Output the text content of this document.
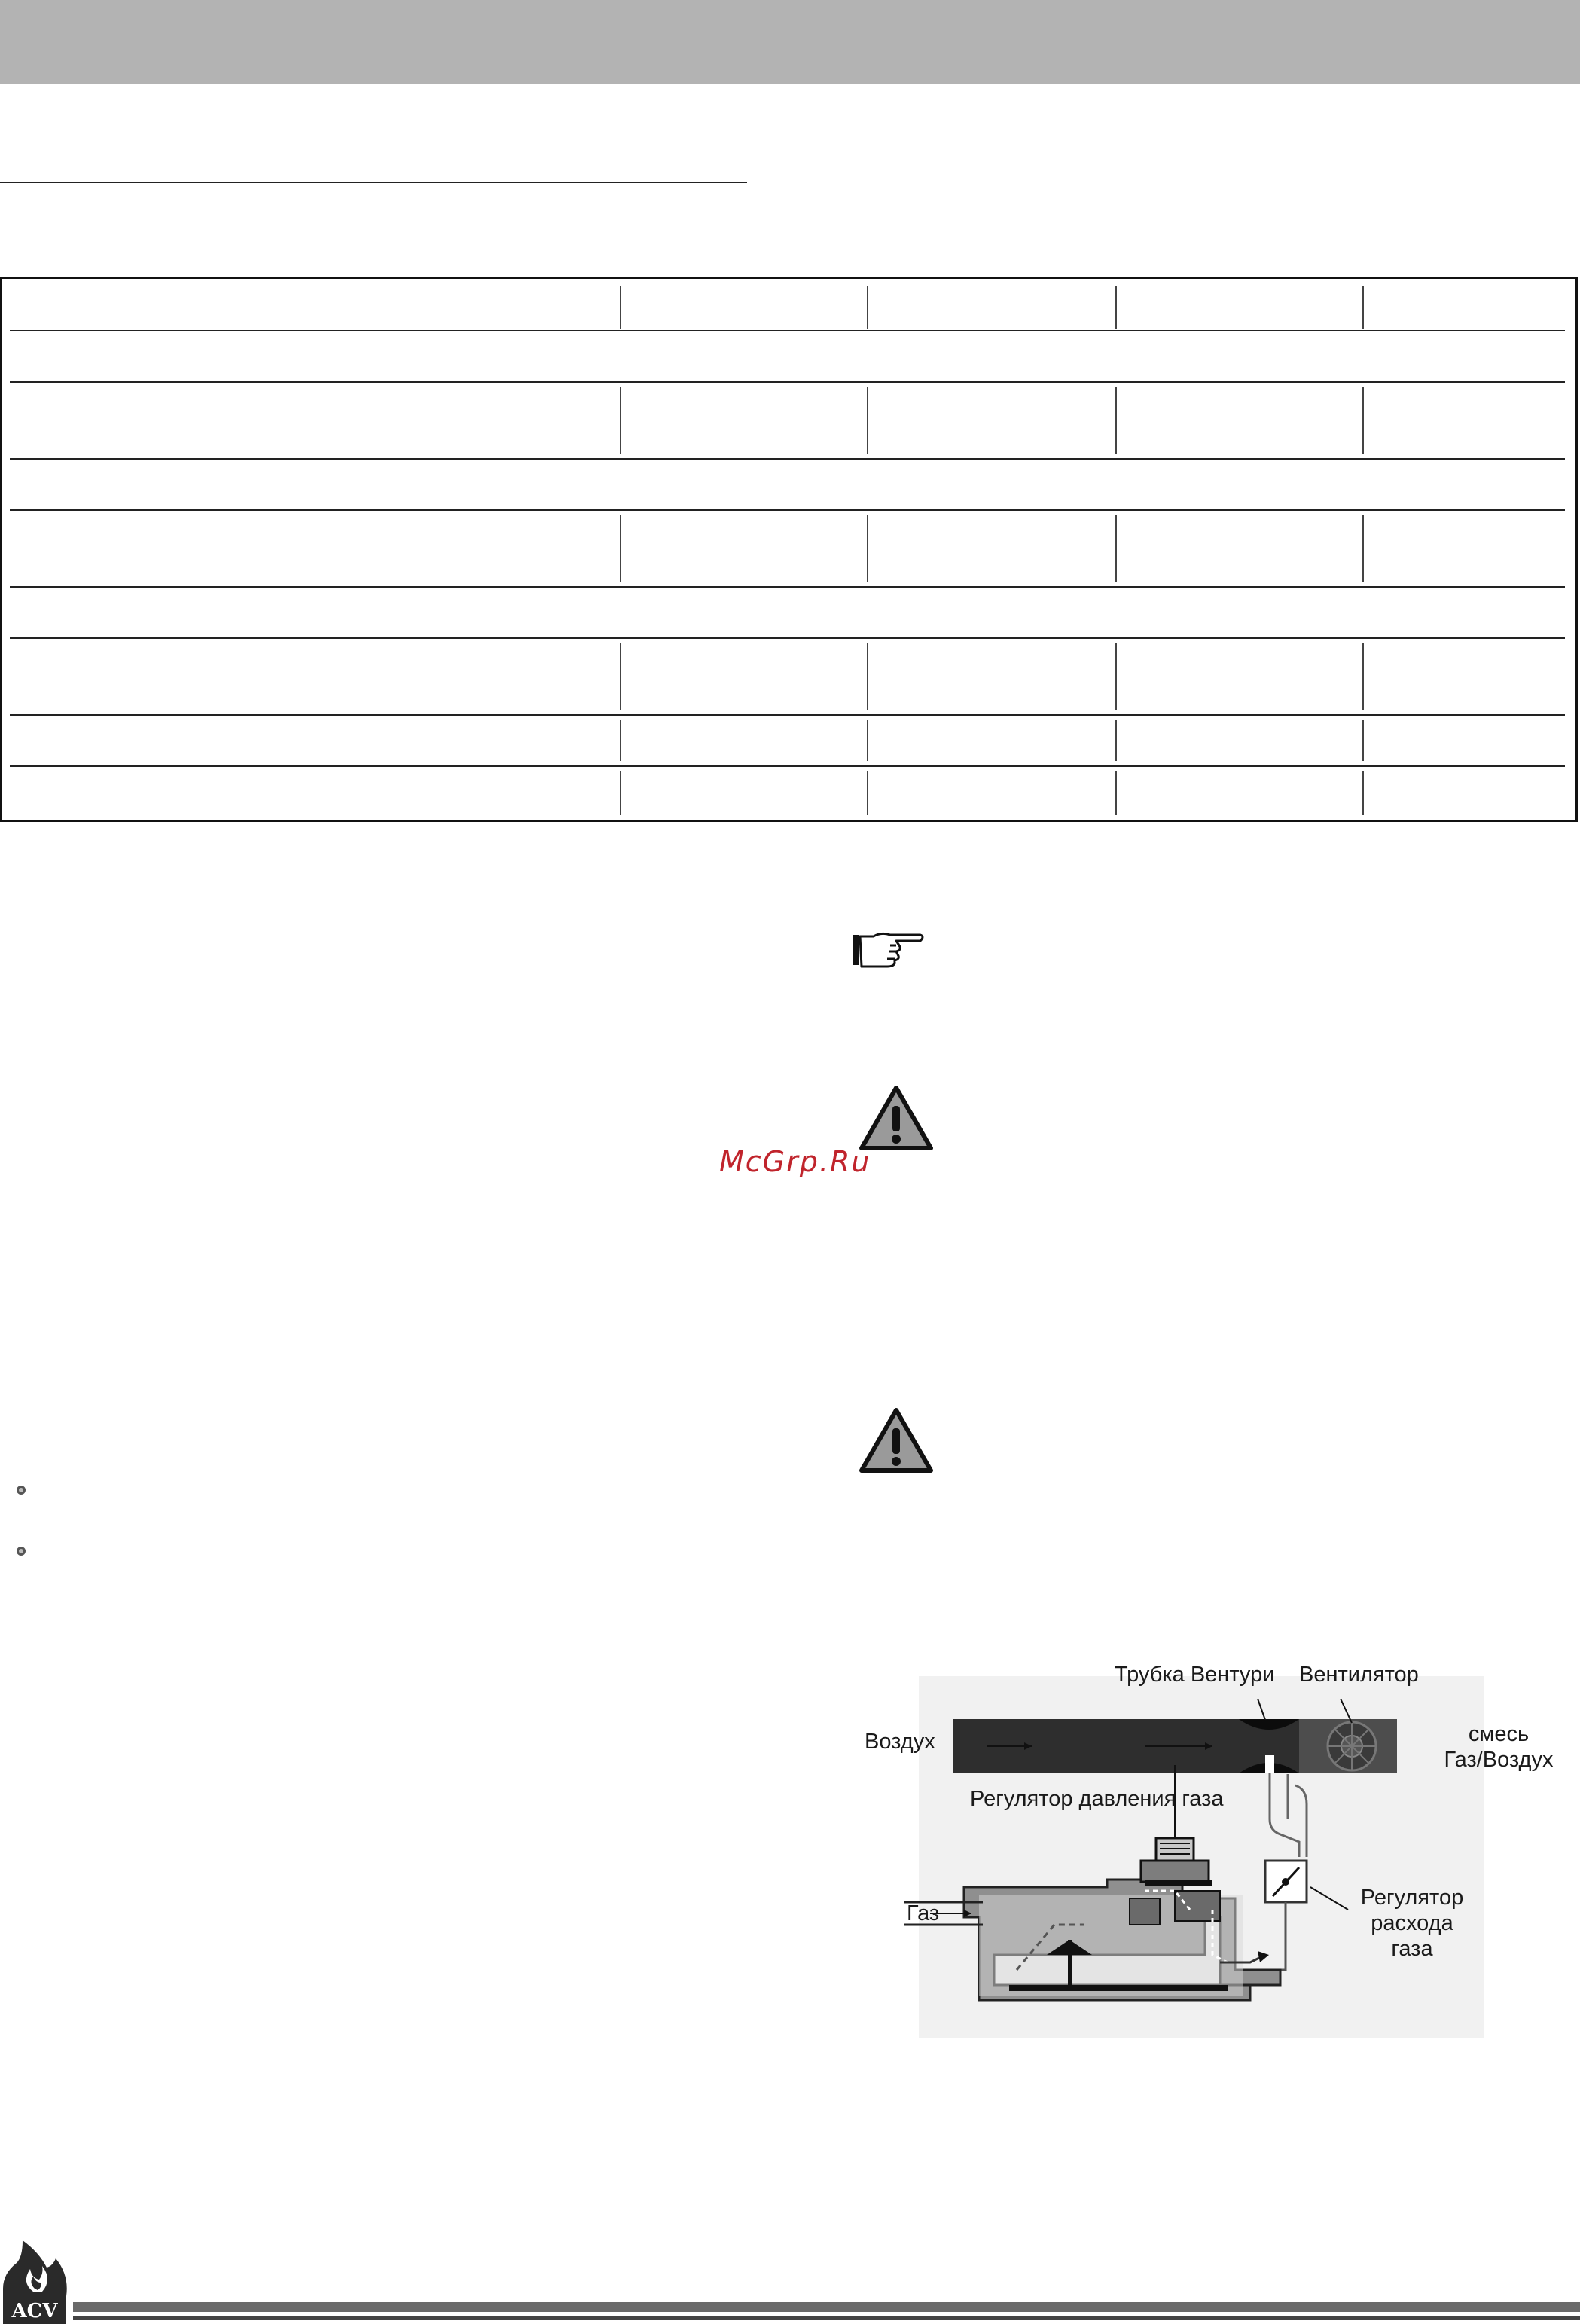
McGrp.Ru
Трубка Вентури Вентилятор
Воздух	смесь
Газ/Воздух
Регулятор давления газа
Газ
Регулятор
расхода
газа
ACV
